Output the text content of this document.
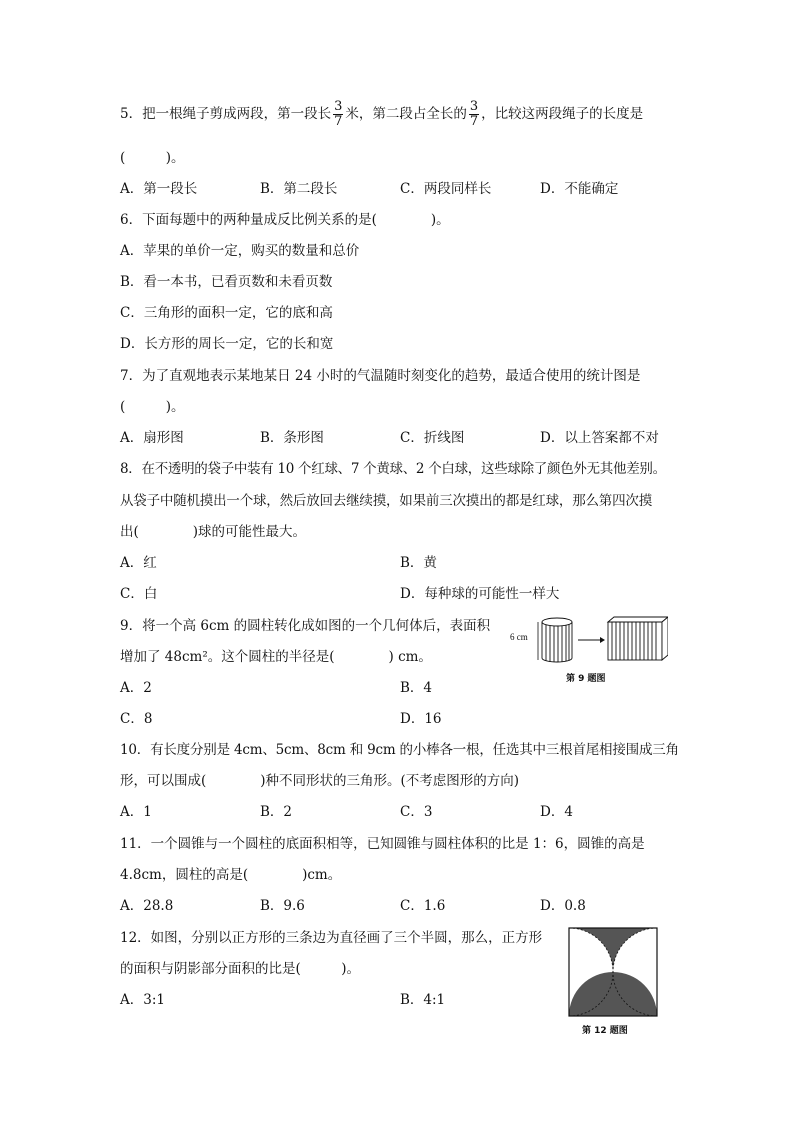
5．把一根绳子剪成两段，第一段长 $\frac{3}{7}$ 米，第二段占全长的 $\frac{3}{7}$ ，比较这两段绳子的长度是
(　　　)。
A．第一段长	B．第二段长	C．两段同样长	D．不能确定
6．下面每题中的两种量成反比例关系的是(　　　　)。
A．苹果的单价一定，购买的数量和总价
B．看一本书，已看页数和未看页数
C．三角形的面积一定，它的底和高
D．长方形的周长一定，它的长和宽
7．为了直观地表示某地某日 24 小时的气温随时刻变化的趋势，最适合使用的统计图是
(　　　)。
A．扇形图	B．条形图	C．折线图	D．以上答案都不对
8．在不透明的袋子中装有 10 个红球、7 个黄球、2 个白球，这些球除了颜色外无其他差别。
从袋子中随机摸出一个球，然后放回去继续摸，如果前三次摸出的都是红球，那么第四次摸
出(　　　　)球的可能性最大。
A．红	B．黄
C．白	D．每种球的可能性一样大
9．将一个高 6cm 的圆柱转化成如图的一个几何体后，表面积
增加了 48cm²。这个圆柱的半径是(　　　　) cm。
A．2	B．4
C．8	D．16
6 cm
第 9 题图
10．有长度分别是 4cm、5cm、8cm 和 9cm 的小棒各一根，任选其中三根首尾相接围成三角
形，可以围成(　　　　)种不同形状的三角形。(不考虑图形的方向)
A．1	B．2	C．3	D．4
11．一个圆锥与一个圆柱的底面积相等，已知圆锥与圆柱体积的比是 1：6，圆锥的高是
4.8cm，圆柱的高是(　　　　)cm。
A．28.8	B．9.6	C．1.6	D．0.8
12．如图，分别以正方形的三条边为直径画了三个半圆，那么，正方形
的面积与阴影部分面积的比是(　　　)。
A．3:1	B．4:1
第 12 题图
